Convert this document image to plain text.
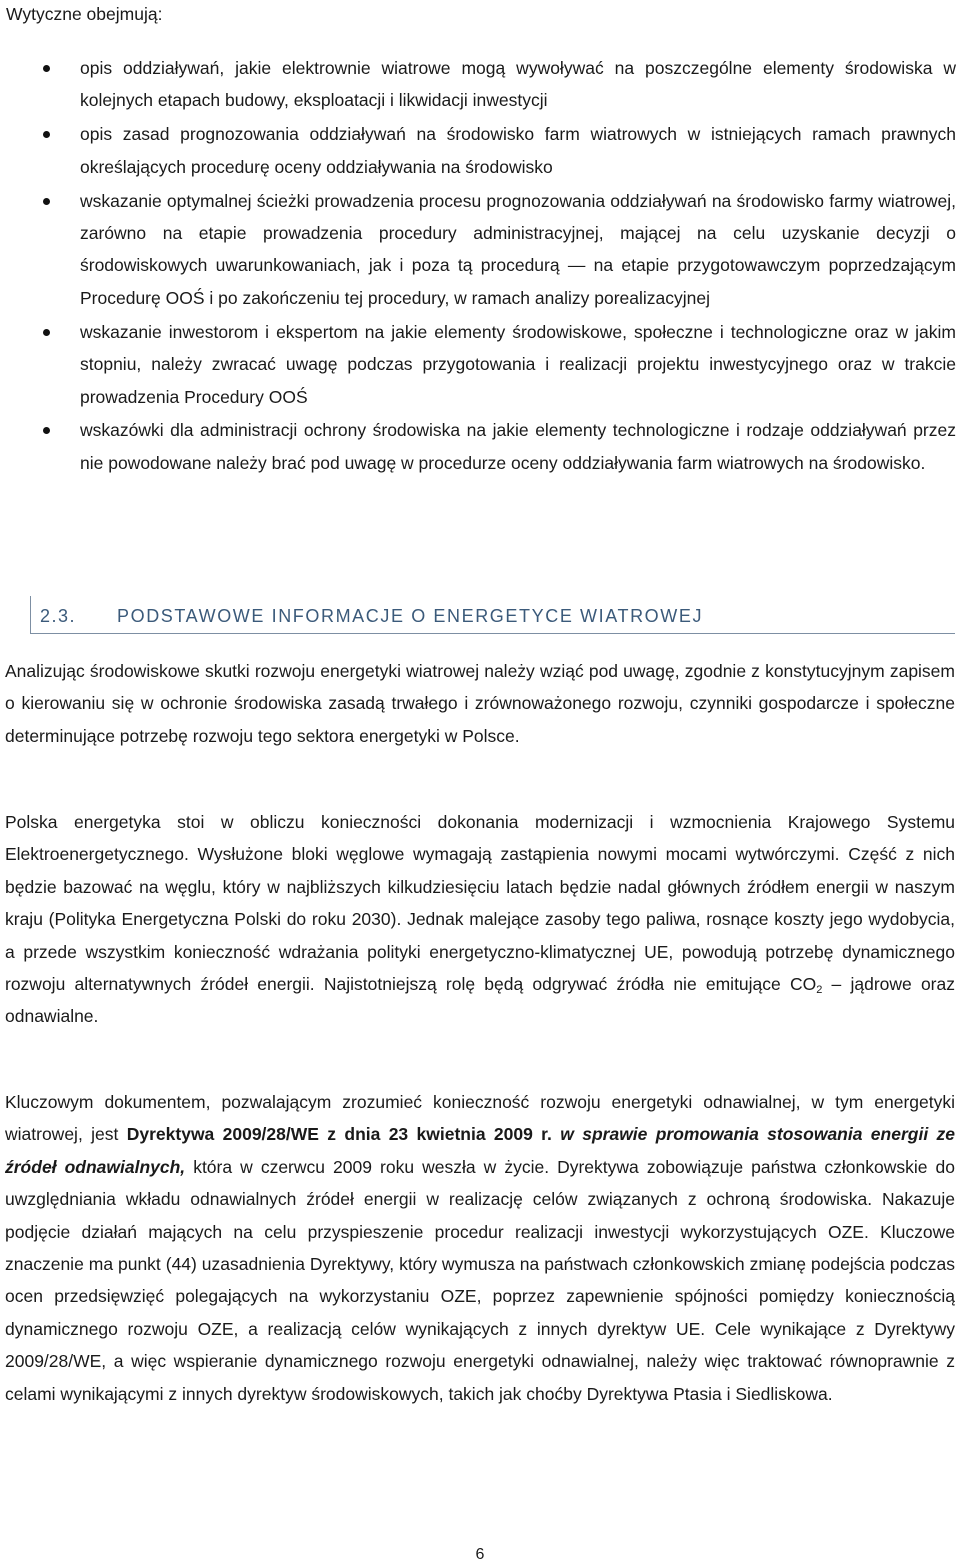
Wytyczne obejmują:

opis oddziaływań, jakie elektrownie wiatrowe mogą wywoływać na poszczególne elementy środowiska w kolejnych etapach budowy, eksploatacji i likwidacji inwestycji
opis zasad prognozowania oddziaływań na środowisko farm wiatrowych w istniejących ramach prawnych określających procedurę oceny oddziaływania na środowisko
wskazanie optymalnej ścieżki prowadzenia procesu prognozowania oddziaływań na środowisko farmy wiatrowej, zarówno na etapie prowadzenia procedury administracyjnej, mającej na celu uzyskanie decyzji o środowiskowych uwarunkowaniach, jak i poza tą procedurą — na etapie przygotowawczym poprzedzającym Procedurę OOŚ i po zakończeniu tej procedury, w ramach analizy porealizacyjnej
wskazanie inwestorom i ekspertom na jakie elementy środowiskowe, społeczne i technologiczne oraz w jakim stopniu, należy zwracać uwagę podczas przygotowania i realizacji projektu inwestycyjnego oraz w trakcie prowadzenia Procedury OOŚ
wskazówki dla administracji ochrony środowiska na jakie elementy technologiczne i rodzaje oddziaływań przez nie powodowane należy brać pod uwagę w procedurze oceny oddziaływania farm wiatrowych na środowisko.
2.3. PODSTAWOWE INFORMACJE O ENERGETYCE WIATROWEJ

Analizując środowiskowe skutki rozwoju energetyki wiatrowej należy wziąć pod uwagę, zgodnie z konstytucyjnym zapisem o kierowaniu się w ochronie środowiska zasadą trwałego i zrównoważonego rozwoju, czynniki gospodarcze i społeczne determinujące potrzebę rozwoju tego sektora energetyki w Polsce.

Polska energetyka stoi w obliczu konieczności dokonania modernizacji i wzmocnienia Krajowego Systemu Elektroenergetycznego. Wysłużone bloki węglowe wymagają zastąpienia nowymi mocami wytwórczymi. Część z nich będzie bazować na węglu, który w najbliższych kilkudziesięciu latach będzie nadal głównych źródłem energii w naszym kraju (Polityka Energetyczna Polski do roku 2030). Jednak malejące zasoby tego paliwa, rosnące koszty jego wydobycia, a przede wszystkim konieczność wdrażania polityki energetyczno-klimatycznej UE, powodują potrzebę dynamicznego rozwoju alternatywnych źródeł energii. Najistotniejszą rolę będą odgrywać źródła nie emitujące $CO_2$ – jądrowe oraz odnawialne.

Kluczowym dokumentem, pozwalającym zrozumieć konieczność rozwoju energetyki odnawialnej, w tym energetyki wiatrowej, jest Dyrektywa 2009/28/WE z dnia 23 kwietnia 2009 r. w sprawie promowania stosowania energii ze źródeł odnawialnych, która w czerwcu 2009 roku weszła w życie. Dyrektywa zobowiązuje państwa członkowskie do uwzględniania wkładu odnawialnych źródeł energii w realizację celów związanych z ochroną środowiska. Nakazuje podjęcie działań mających na celu przyspieszenie procedur realizacji inwestycji wykorzystujących OZE. Kluczowe znaczenie ma punkt (44) uzasadnienia Dyrektywy, który wymusza na państwach członkowskich zmianę podejścia podczas ocen przedsięwzięć polegających na wykorzystaniu OZE, poprzez zapewnienie spójności pomiędzy koniecznością dynamicznego rozwoju OZE, a realizacją celów wynikających z innych dyrektyw UE. Cele wynikające z Dyrektywy 2009/28/WE, a więc wspieranie dynamicznego rozwoju energetyki odnawialnej, należy więc traktować równoprawnie z celami wynikającymi z innych dyrektyw środowiskowych, takich jak choćby Dyrektywa Ptasia i Siedliskowa.

6
